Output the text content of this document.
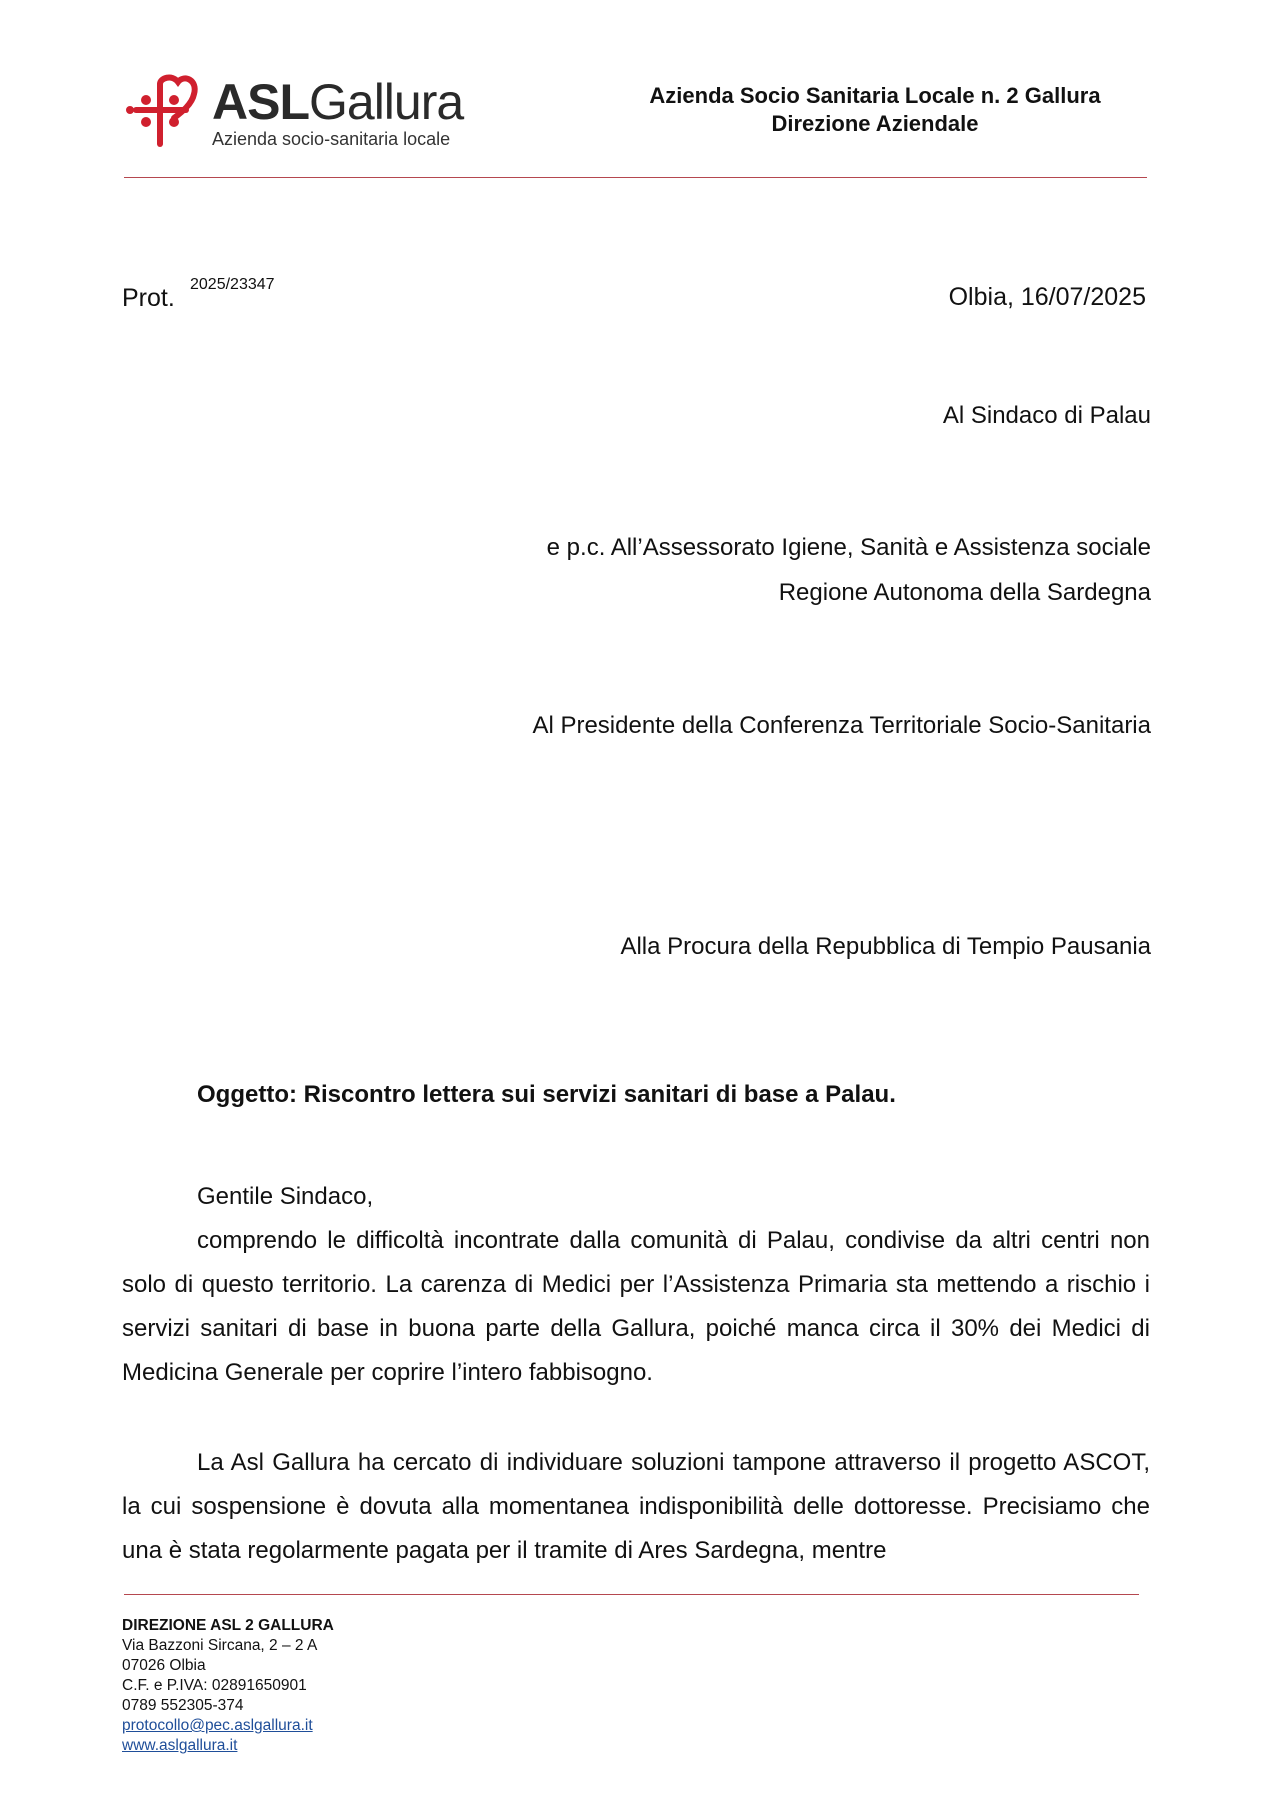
ASLGallura
Azienda socio-sanitaria locale
Azienda Socio Sanitaria Locale n. 2 Gallura
Direzione Aziendale
Prot. 2025/23347	Olbia, 16/07/2025
Al Sindaco di Palau
e p.c. All’Assessorato Igiene, Sanità e Assistenza sociale
Regione Autonoma della Sardegna
Al Presidente della Conferenza Territoriale Socio-Sanitaria
Alla Procura della Repubblica di Tempio Pausania
Oggetto: Riscontro lettera sui servizi sanitari di base a Palau.
Gentile Sindaco,
comprendo le difficoltà incontrate dalla comunità di Palau, condivise da altri centri non solo di questo territorio. La carenza di Medici per l’Assistenza Primaria sta mettendo a rischio i servizi sanitari di base in buona parte della Gallura, poiché manca circa il 30% dei Medici di Medicina Generale per coprire l’intero fabbisogno.
La Asl Gallura ha cercato di individuare soluzioni tampone attraverso il progetto ASCOT, la cui sospensione è dovuta alla momentanea indisponibilità delle dottoresse. Precisiamo che una è stata regolarmente pagata per il tramite di Ares Sardegna, mentre
DIREZIONE ASL 2 GALLURA
Via Bazzoni Sircana, 2 – 2 A
07026 Olbia
C.F. e P.IVA: 02891650901
0789 552305-374
protocollo@pec.aslgallura.it
www.aslgallura.it
